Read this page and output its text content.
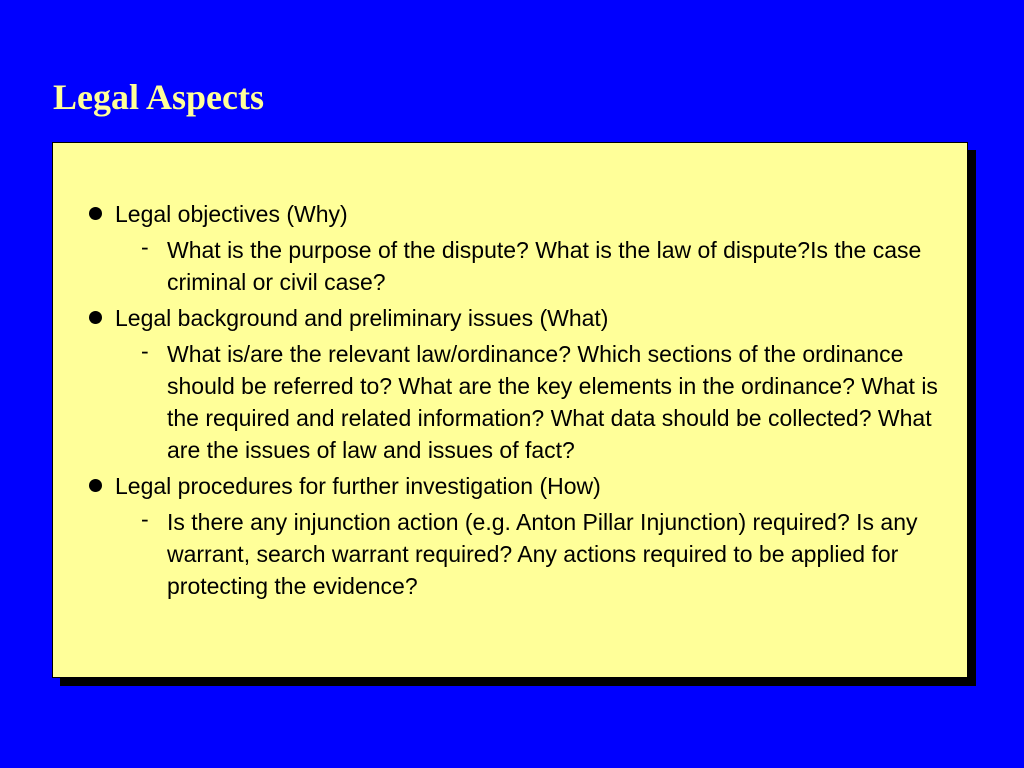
Legal Aspects
Legal objectives (Why)
- What is the purpose of the dispute? What is the law of dispute?Is the case criminal or civil case?
Legal background and preliminary issues (What)
- What is/are the relevant law/ordinance? Which sections of the ordinance should be referred to? What are the key elements in the ordinance? What is the required and related information? What data should be collected? What are the issues of law and issues of fact?
Legal procedures for further investigation (How)
- Is there any injunction action (e.g. Anton Pillar Injunction) required? Is any warrant, search warrant required? Any actions required to be applied for protecting the evidence?
